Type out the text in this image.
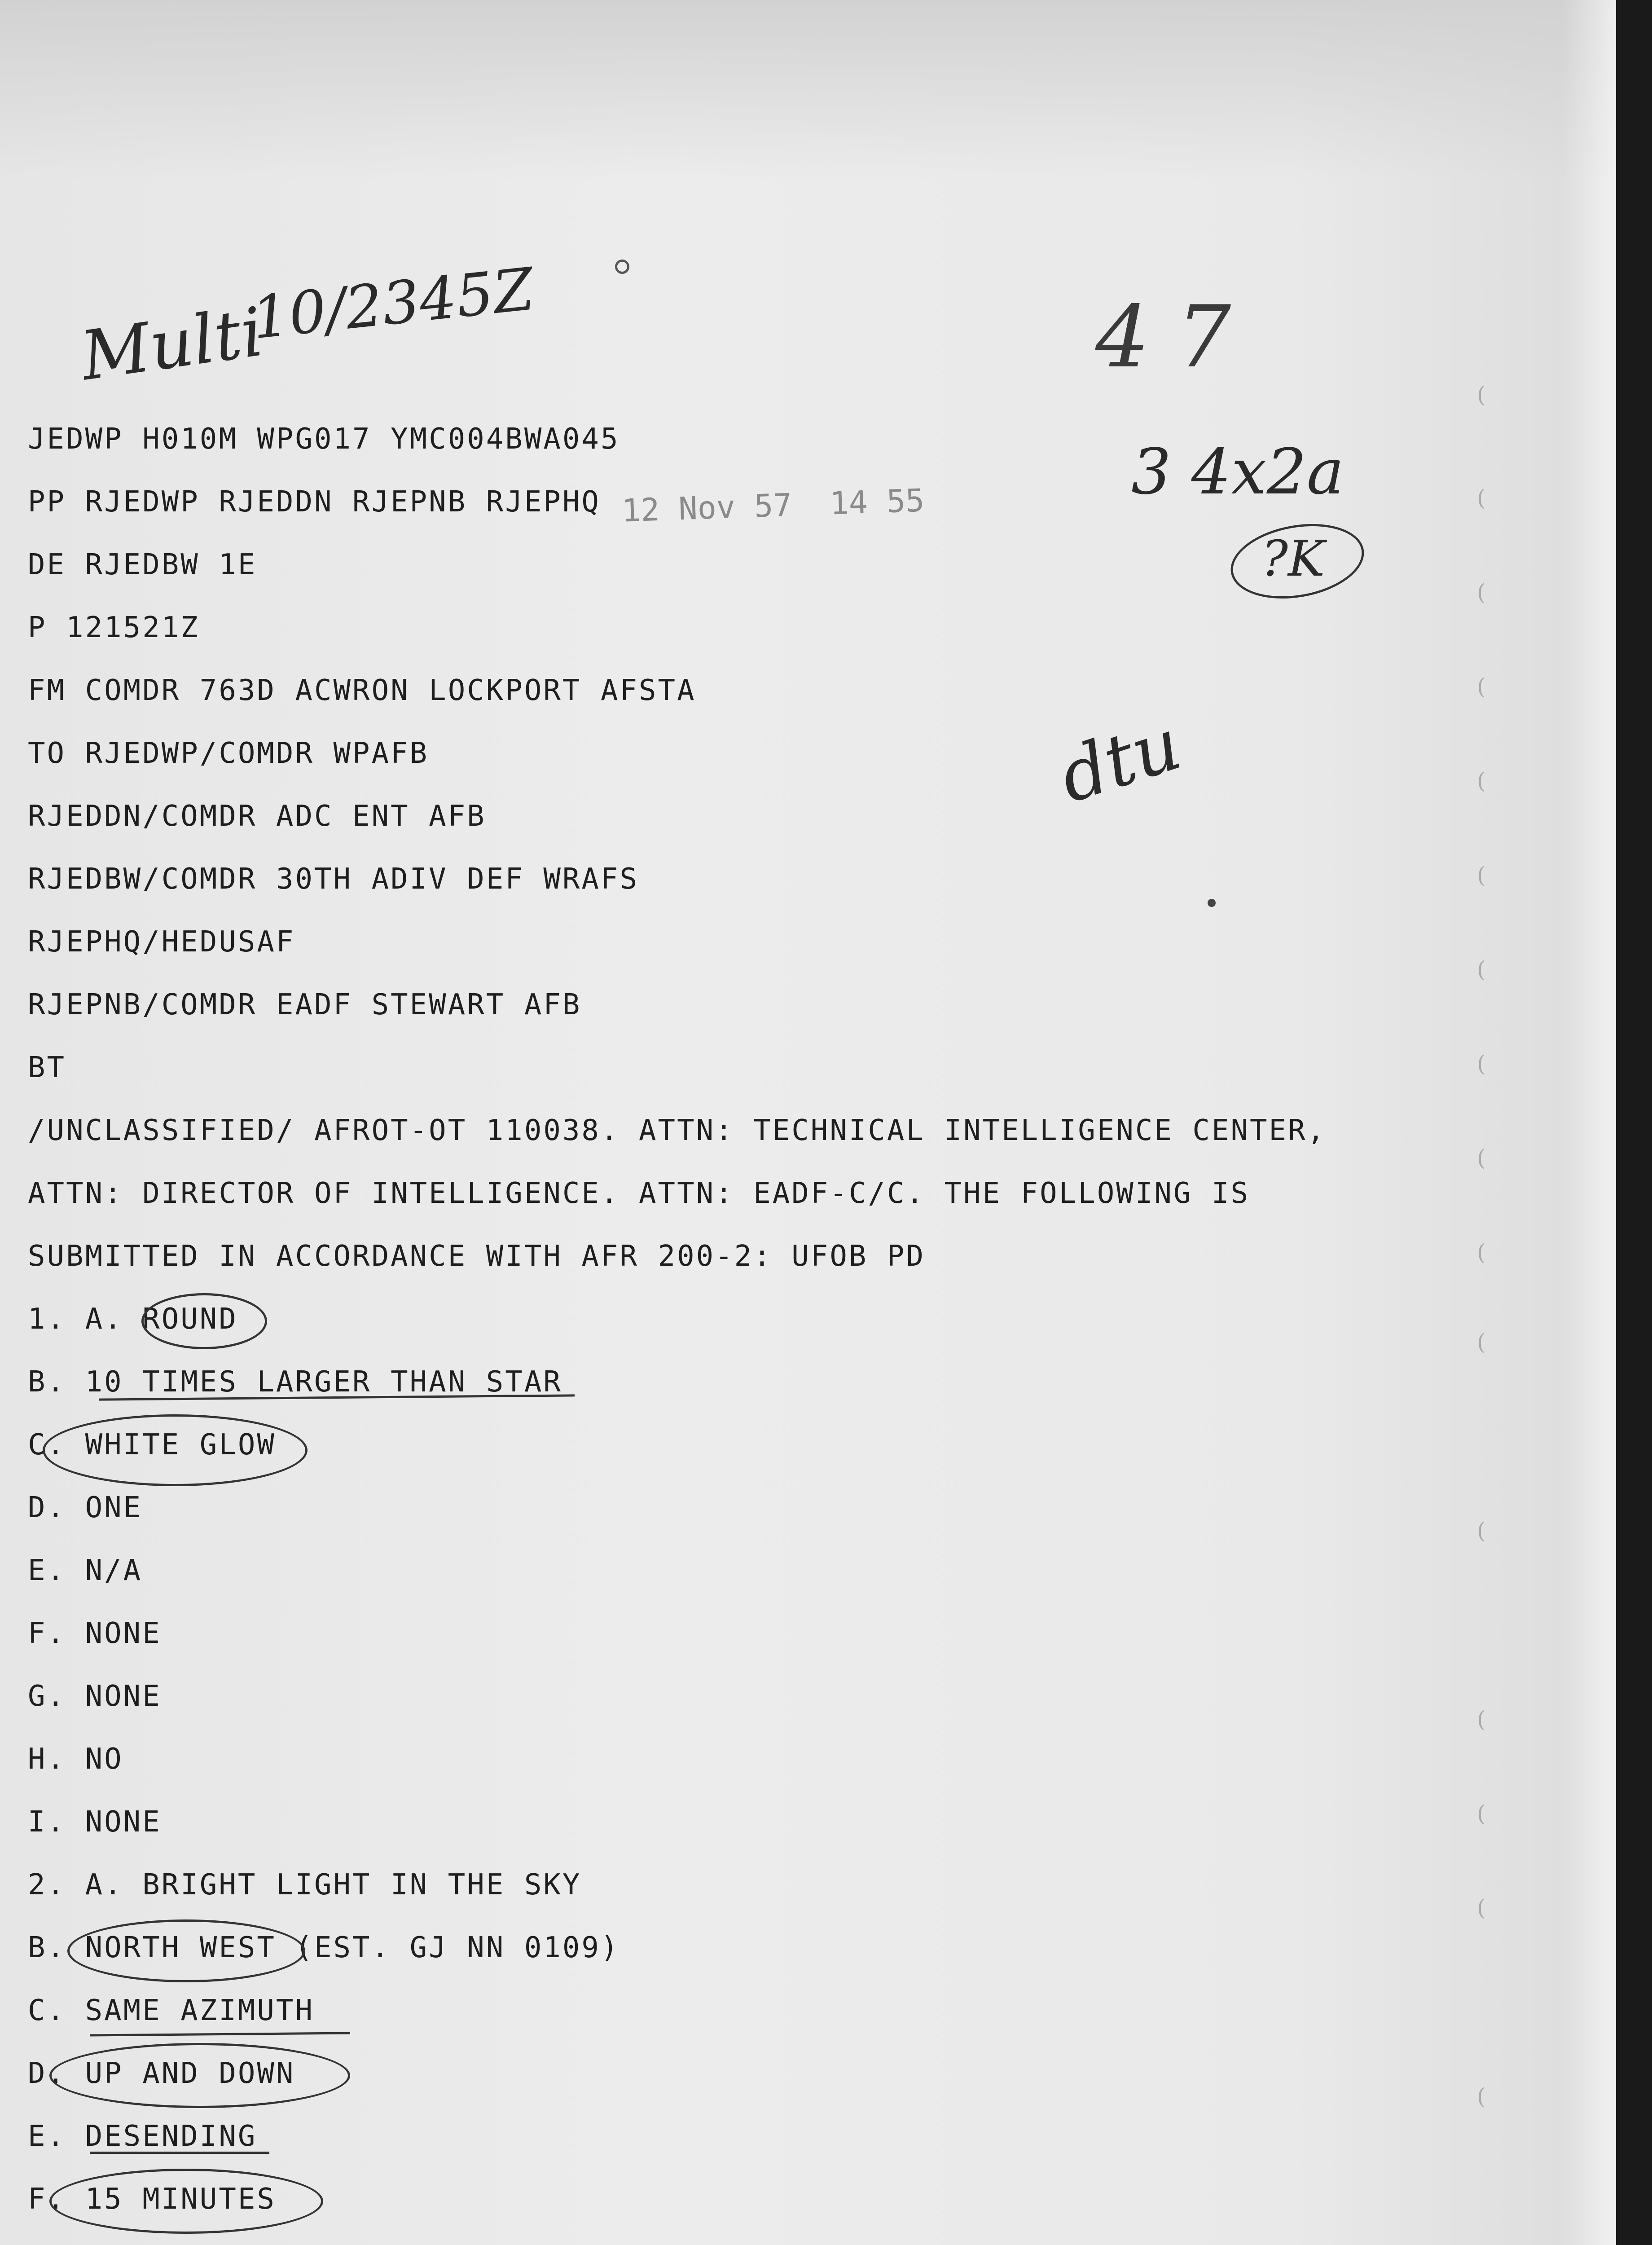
Multi
10/2345Z	4 7
3 4x2a
?K
dtu
12 Nov 57  14 55
JEDWP H010M WPG017 YMC004BWA045
PP RJEDWP RJEDDN RJEPNB RJEPHQ
DE RJEDBW 1E
P 121521Z
FM COMDR 763D ACWRON LOCKPORT AFSTA
TO RJEDWP/COMDR WPAFB
RJEDDN/COMDR ADC ENT AFB
RJEDBW/COMDR 30TH ADIV DEF WRAFS
RJEPHQ/HEDUSAF
RJEPNB/COMDR EADF STEWART AFB
BT
/UNCLASSIFIED/ AFROT-OT 110038. ATTN: TECHNICAL INTELLIGENCE CENTER,
ATTN: DIRECTOR OF INTELLIGENCE. ATTN: EADF-C/C. THE FOLLOWING IS
SUBMITTED IN ACCORDANCE WITH AFR 200-2: UFOB PD
1. A. ROUND
B. 10 TIMES LARGER THAN STAR
C. WHITE GLOW
D. ONE
E. N/A
F. NONE
G. NONE
H. NO
I. NONE
2. A. BRIGHT LIGHT IN THE SKY
B. NORTH WEST (EST. GJ NN 0109)
C. SAME AZIMUTH
D. UP AND DOWN
E. DESENDING
F. 15 MINUTES
(
(
(
(
(
(
(
(
(
(
(
(
(
(
(
(
